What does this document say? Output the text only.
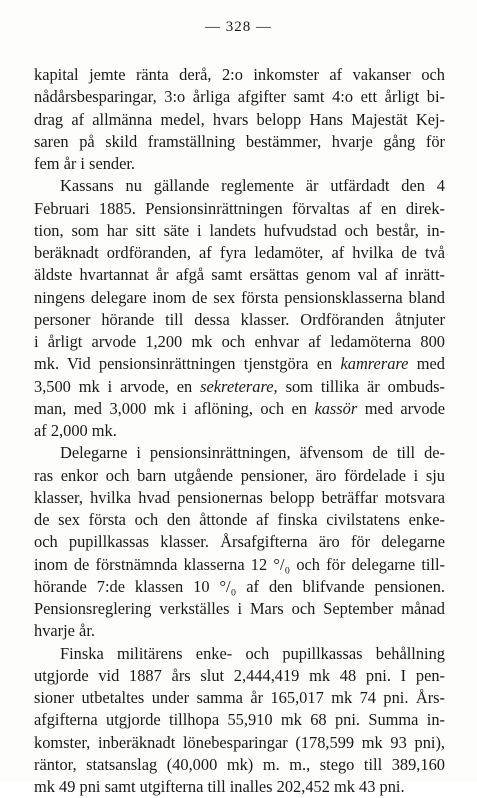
— 328 —
kapital jemte ränta derå, 2:o inkomster af vakanser och
nådårsbesparingar, 3:o årliga afgifter samt 4:o ett årligt bi-
drag af allmänna medel, hvars belopp Hans Majestät Kej-
saren på skild framställning bestämmer, hvarje gång för
fem år i sender.
Kassans nu gällande reglemente är utfärdadt den 4
Februari 1885. Pensionsinrättningen förvaltas af en direk-
tion, som har sitt säte i landets hufvudstad och består, in-
beräknadt ordföranden, af fyra ledamöter, af hvilka de två
äldste hvartannat år afgå samt ersättas genom val af inrätt-
ningens delegare inom de sex första pensionsklasserna bland
personer hörande till dessa klasser. Ordföranden åtnjuter
i årligt arvode 1,200 mk och enhvar af ledamöterna 800
mk. Vid pensionsinrättningen tjenstgöra en kamrerare med
3,500 mk i arvode, en sekreterare, som tillika är ombuds-
man, med 3,000 mk i aflöning, och en kassör med arvode
af 2,000 mk.
Delegarne i pensionsinrättningen, äfvensom de till de-
ras enkor och barn utgående pensioner, äro fördelade i sju
klasser, hvilka hvad pensionernas belopp beträffar motsvara
de sex första och den åttonde af finska civilstatens enke-
och pupillkassas klasser. Årsafgifterna äro för delegarne
inom de förstnämnda klasserna 12 °/₀ och för delegarne till-
hörande 7:de klassen 10 °/₀ af den blifvande pensionen.
Pensionsreglering verkställes i Mars och September månad
hvarje år.
Finska militärens enke- och pupillkassas behållning
utgjorde vid 1887 års slut 2,444,419 mk 48 pni. I pen-
sioner utbetaltes under samma år 165,017 mk 74 pni. Års-
afgifterna utgjorde tillhopa 55,910 mk 68 pni. Summa in-
komster, inberäknadt lönebesparingar (178,599 mk 93 pni),
räntor, statsanslag (40,000 mk) m. m., stego till 389,160
mk 49 pni samt utgifterna till inalles 202,452 mk 43 pni.
